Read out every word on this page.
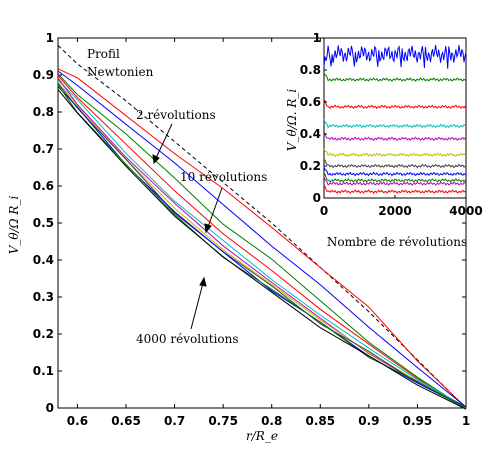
0.6 0.65 0.7 0.75 0.8 0.85 0.9 0.95 1
0
0.1
0.2
0.3
0.4
0.5
0.6
0.7
0.8
0.9
1
Profil
Newtonien
2 révolutions
10 révolutions
4000 révolutions
r/R_e
V_θ/Ω R_i	0	2000	4000
0
0.2
0.4
0.6
0.8
1
Nombre de révolutions
V_θ/Ω. R_i
